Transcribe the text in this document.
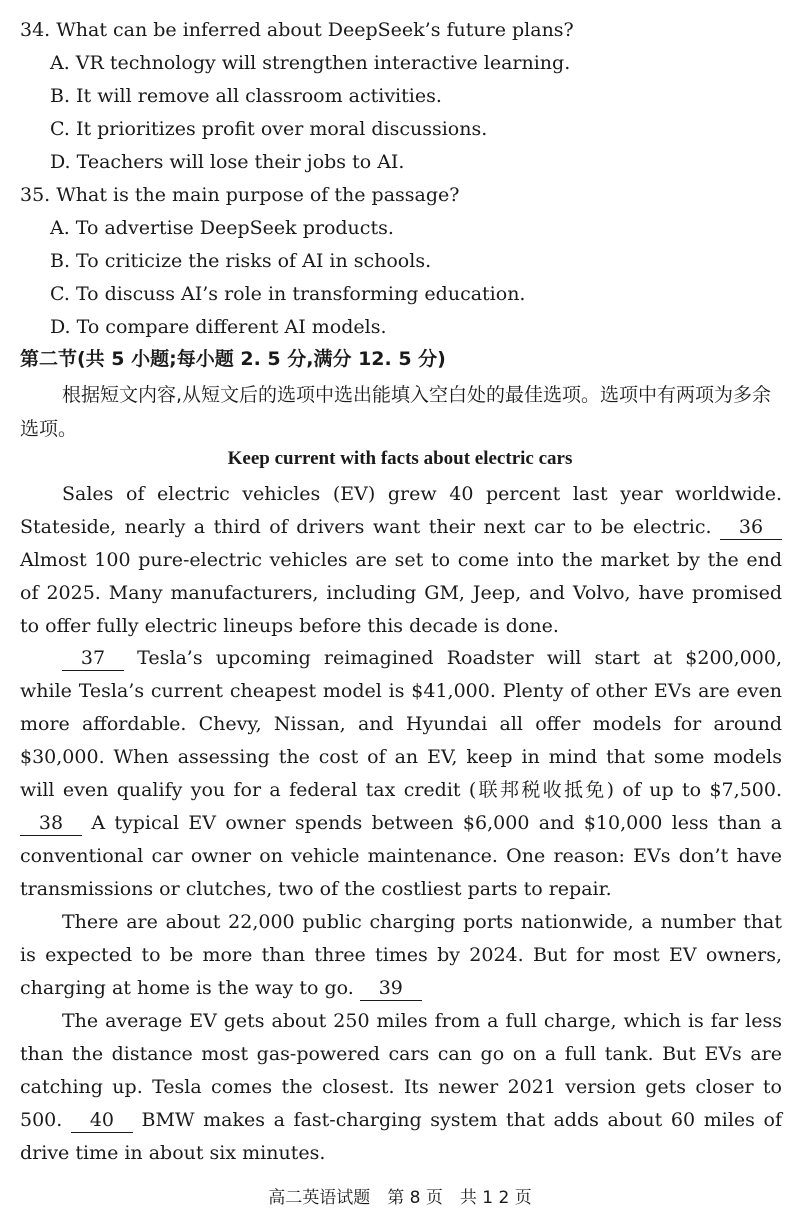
34. What can be inferred about DeepSeek’s future plans?
A. VR technology will strengthen interactive learning.
B. It will remove all classroom activities.
C. It prioritizes profit over moral discussions.
D. Teachers will lose their jobs to AI.
35. What is the main purpose of the passage?
A. To advertise DeepSeek products.
B. To criticize the risks of AI in schools.
C. To discuss AI’s role in transforming education.
D. To compare different AI models.
第二节(共 5 小题;每小题 2. 5 分,满分 12. 5 分)
根据短文内容,从短文后的选项中选出能填入空白处的最佳选项。选项中有两项为多余选项。
Keep current with facts about electric cars
Sales of electric vehicles (EV) grew 40 percent last year worldwide. Stateside, nearly a third of drivers want their next car to be electric. 36 Almost 100 pure-electric vehicles are set to come into the market by the end of 2025. Many manufacturers, including GM, Jeep, and Volvo, have promised to offer fully electric lineups before this decade is done.
37 Tesla’s upcoming reimagined Roadster will start at $200,000, while Tesla’s current cheapest model is $41,000. Plenty of other EVs are even more affordable. Chevy, Nissan, and Hyundai all offer models for around $30,000. When assessing the cost of an EV, keep in mind that some models will even qualify you for a federal tax credit (联邦税收抵免) of up to $7,500. 38 A typical EV owner spends between $6,000 and $10,000 less than a conventional car owner on vehicle maintenance. One reason: EVs don’t have transmissions or clutches, two of the costliest parts to repair.
There are about 22,000 public charging ports nationwide, a number that is expected to be more than three times by 2024. But for most EV owners, charging at home is the way to go. 39
The average EV gets about 250 miles from a full charge, which is far less than the distance most gas-powered cars can go on a full tank. But EVs are catching up. Tesla comes the closest. Its newer 2021 version gets closer to 500. 40 BMW makes a fast-charging system that adds about 60 miles of drive time in about six minutes.
高二英语试题　第 8 页　共 1 2 页
